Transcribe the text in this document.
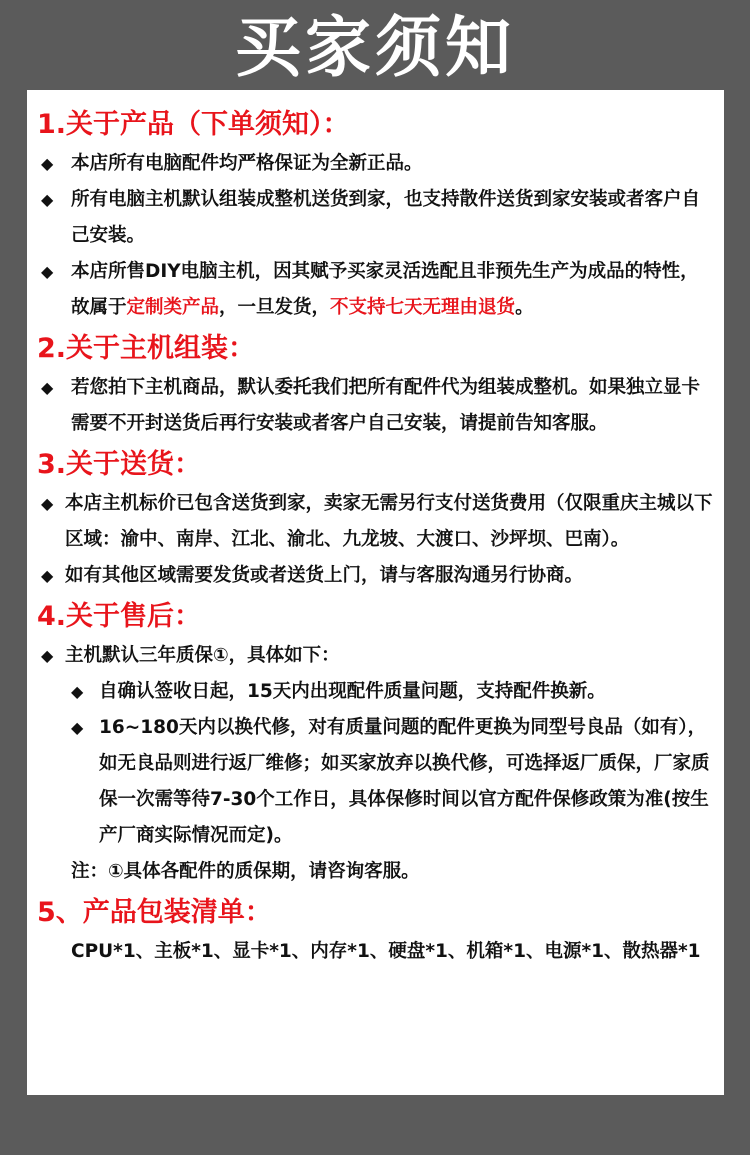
买家须知
1.关于产品（下单须知）：
◆ 本店所有电脑配件均严格保证为全新正品。
◆ 所有电脑主机默认组装成整机送货到家，也支持散件送货到家安装或者客户自己安装。
◆ 本店所售DIY电脑主机，因其赋予买家灵活选配且非预先生产为成品的特性，故属于定制类产品，一旦发货，不支持七天无理由退货。
2.关于主机组装：
◆ 若您拍下主机商品，默认委托我们把所有配件代为组装成整机。如果独立显卡需要不开封送货后再行安装或者客户自己安装，请提前告知客服。
3.关于送货：
◆ 本店主机标价已包含送货到家，卖家无需另行支付送货费用（仅限重庆主城以下区域：渝中、南岸、江北、渝北、九龙坡、大渡口、沙坪坝、巴南）。
◆ 如有其他区域需要发货或者送货上门，请与客服沟通另行协商。
4.关于售后：
◆ 主机默认三年质保①，具体如下：
◆ 自确认签收日起，15天内出现配件质量问题，支持配件换新。
◆ 16~180天内以换代修，对有质量问题的配件更换为同型号良品（如有），如无良品则进行返厂维修；如买家放弃以换代修，可选择返厂质保，厂家质保一次需等待7-30个工作日，具体保修时间以官方配件保修政策为准(按生产厂商实际情况而定)。
注：①具体各配件的质保期，请咨询客服。
5、产品包装清单：
CPU*1、主板*1、显卡*1、内存*1、硬盘*1、机箱*1、电源*1、散热器*1
